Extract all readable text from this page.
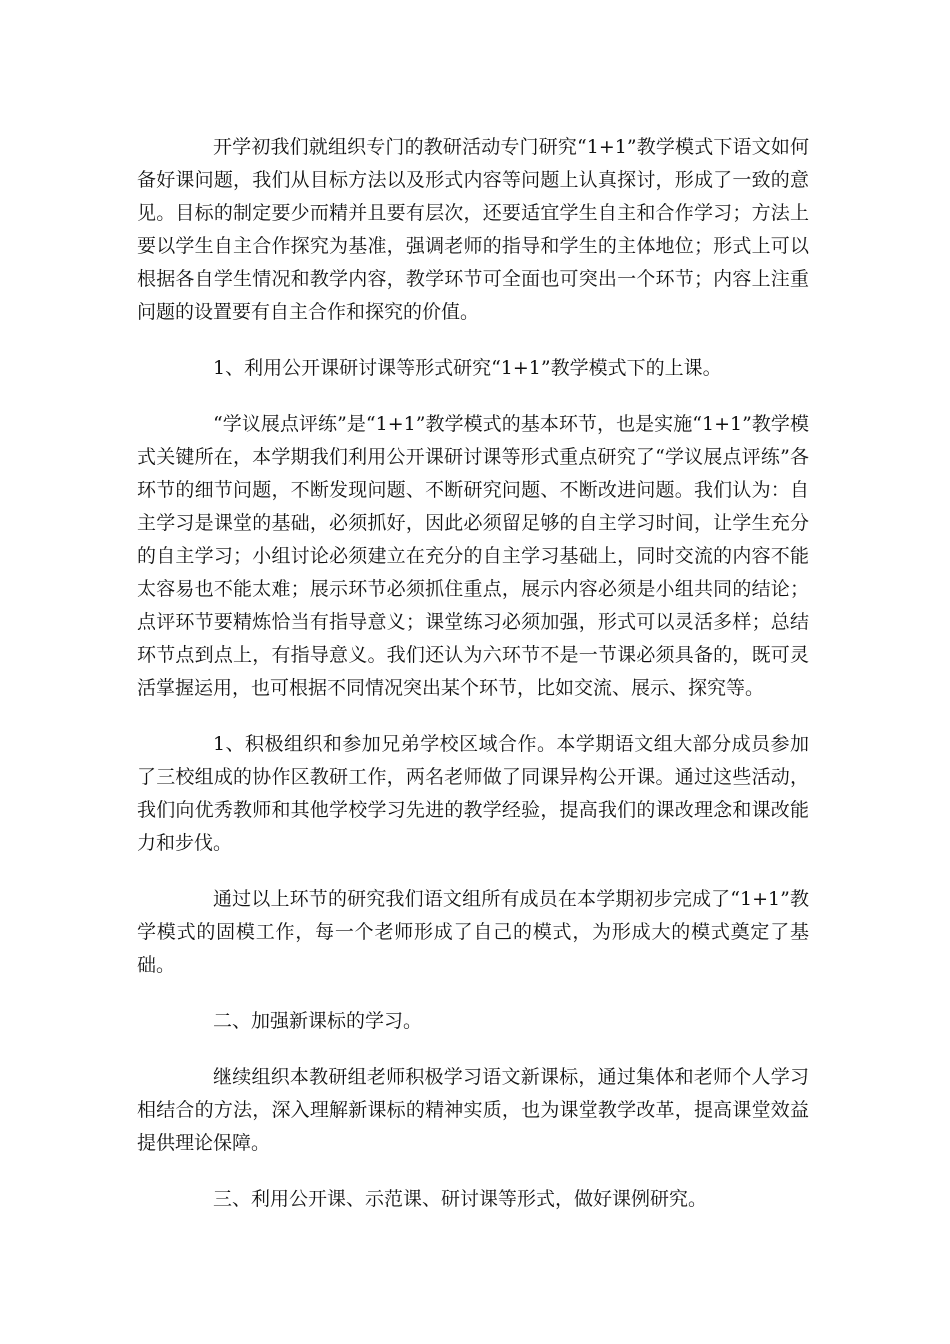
开学初我们就组织专门的教研活动专门研究“1+1”教学模式下语文如何备好课问题，我们从目标方法以及形式内容等问题上认真探讨，形成了一致的意见。目标的制定要少而精并且要有层次，还要适宜学生自主和合作学习；方法上要以学生自主合作探究为基准，强调老师的指导和学生的主体地位；形式上可以根据各自学生情况和教学内容，教学环节可全面也可突出一个环节；内容上注重问题的设置要有自主合作和探究的价值。

1、利用公开课研讨课等形式研究“1+1”教学模式下的上课。

“学议展点评练”是“1+1”教学模式的基本环节，也是实施“1+1”教学模式关键所在，本学期我们利用公开课研讨课等形式重点研究了“学议展点评练”各环节的细节问题，不断发现问题、不断研究问题、不断改进问题。我们认为：自主学习是课堂的基础，必须抓好，因此必须留足够的自主学习时间，让学生充分的自主学习；小组讨论必须建立在充分的自主学习基础上，同时交流的内容不能太容易也不能太难；展示环节必须抓住重点，展示内容必须是小组共同的结论；点评环节要精炼恰当有指导意义；课堂练习必须加强，形式可以灵活多样；总结环节点到点上，有指导意义。我们还认为六环节不是一节课必须具备的，既可灵活掌握运用，也可根据不同情况突出某个环节，比如交流、展示、探究等。

1、积极组织和参加兄弟学校区域合作。本学期语文组大部分成员参加了三校组成的协作区教研工作，两名老师做了同课异构公开课。通过这些活动，我们向优秀教师和其他学校学习先进的教学经验，提高我们的课改理念和课改能力和步伐。

通过以上环节的研究我们语文组所有成员在本学期初步完成了“1+1”教学模式的固模工作，每一个老师形成了自己的模式，为形成大的模式奠定了基础。

二、加强新课标的学习。

继续组织本教研组老师积极学习语文新课标，通过集体和老师个人学习相结合的方法，深入理解新课标的精神实质，也为课堂教学改革，提高课堂效益提供理论保障。

三、利用公开课、示范课、研讨课等形式，做好课例研究。
